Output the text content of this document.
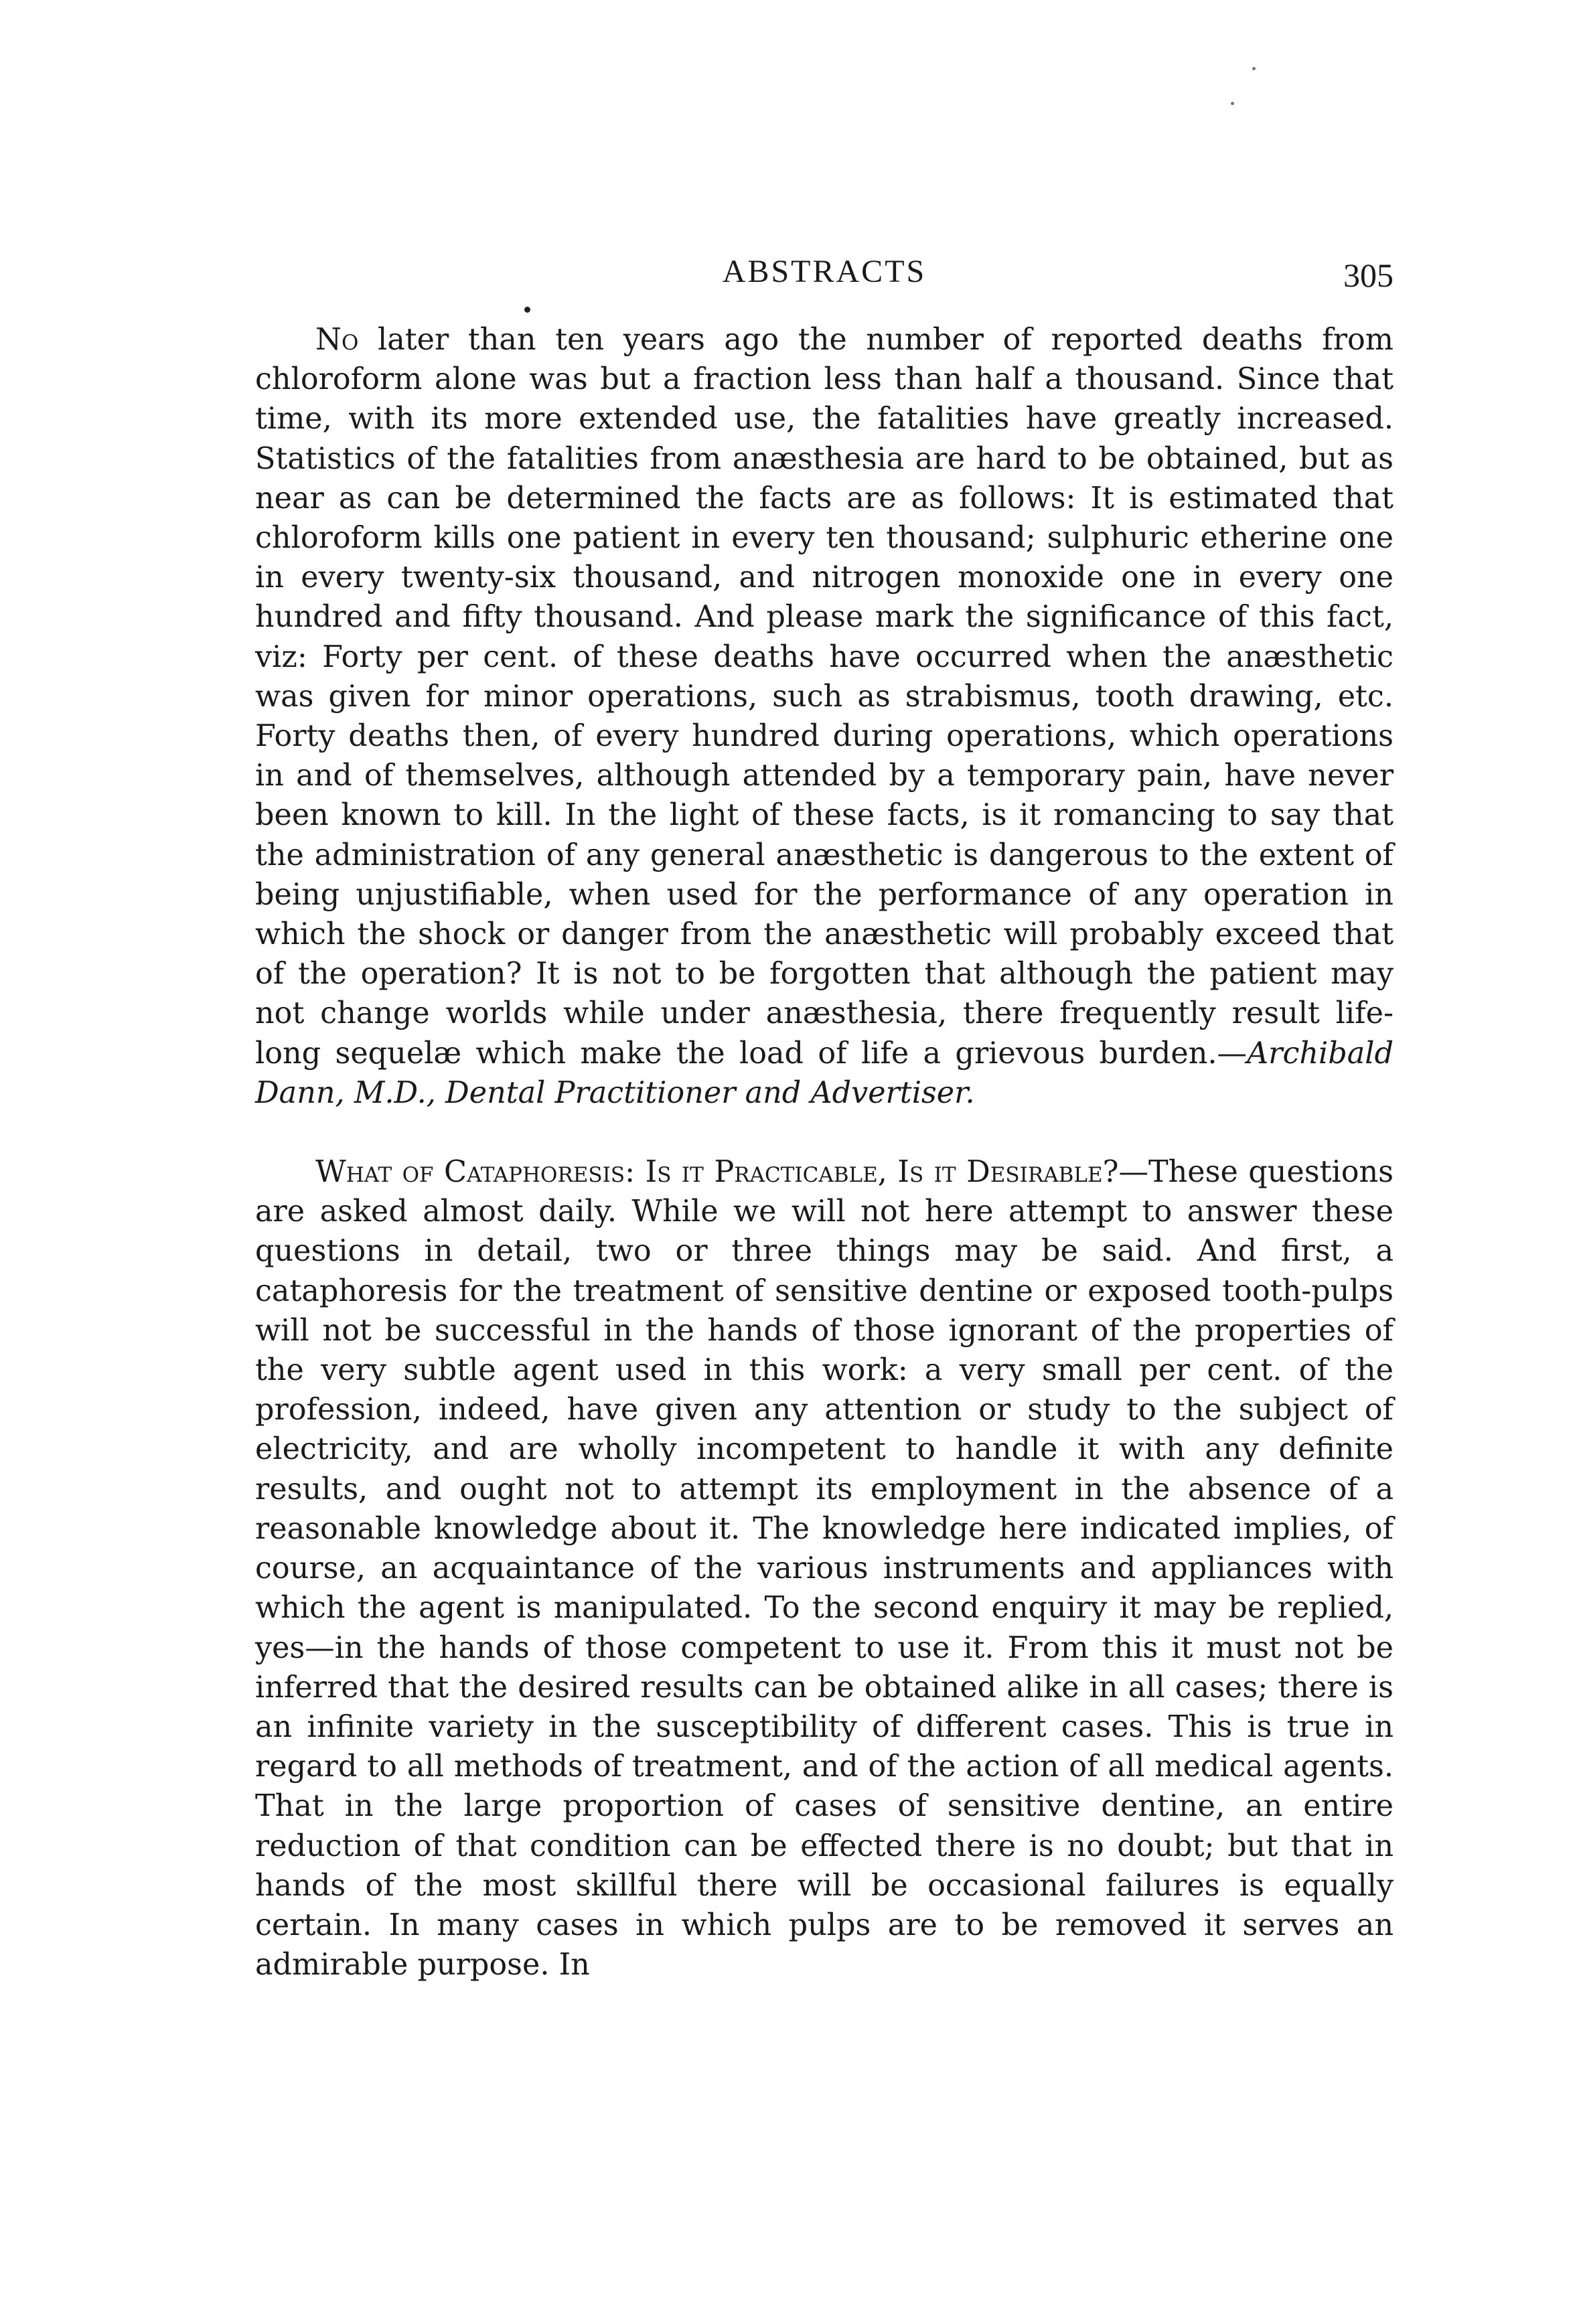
ABSTRACTS	305

No later than ten years ago the number of reported deaths from chloroform alone was but a fraction less than half a thousand. Since that time, with its more extended use, the fatalities have greatly increased. Statistics of the fatalities from anæsthesia are hard to be obtained, but as near as can be determined the facts are as follows: It is estimated that chloroform kills one patient in every ten thousand; sulphuric etherine one in every twenty-six thousand, and nitrogen monoxide one in every one hundred and fifty thousand. And please mark the significance of this fact, viz: Forty per cent. of these deaths have occurred when the anæsthetic was given for minor operations, such as strabismus, tooth drawing, etc. Forty deaths then, of every hundred during operations, which operations in and of themselves, although attended by a temporary pain, have never been known to kill. In the light of these facts, is it romancing to say that the administration of any general anæsthetic is dangerous to the extent of being unjustifiable, when used for the performance of any operation in which the shock or danger from the anæsthetic will probably exceed that of the operation? It is not to be forgotten that although the patient may not change worlds while under anæsthesia, there frequently result life-long sequelæ which make the load of life a grievous burden.—Archibald Dann, M.D., Dental Practitioner and Advertiser.

What of Cataphoresis: Is it Practicable, Is it Desirable?—These questions are asked almost daily. While we will not here attempt to answer these questions in detail, two or three things may be said. And first, a cataphoresis for the treatment of sensitive dentine or exposed tooth-pulps will not be successful in the hands of those ignorant of the properties of the very subtle agent used in this work: a very small per cent. of the profession, indeed, have given any attention or study to the subject of electricity, and are wholly incompetent to handle it with any definite results, and ought not to attempt its employment in the absence of a reasonable knowledge about it. The knowledge here indicated implies, of course, an acquaintance of the various instruments and appliances with which the agent is manipulated. To the second enquiry it may be replied, yes—in the hands of those competent to use it. From this it must not be inferred that the desired results can be obtained alike in all cases; there is an infinite variety in the susceptibility of different cases. This is true in regard to all methods of treatment, and of the action of all medical agents. That in the large proportion of cases of sensitive dentine, an entire reduction of that condition can be effected there is no doubt; but that in hands of the most skillful there will be occasional failures is equally certain. In many cases in which pulps are to be removed it serves an admirable purpose. In
